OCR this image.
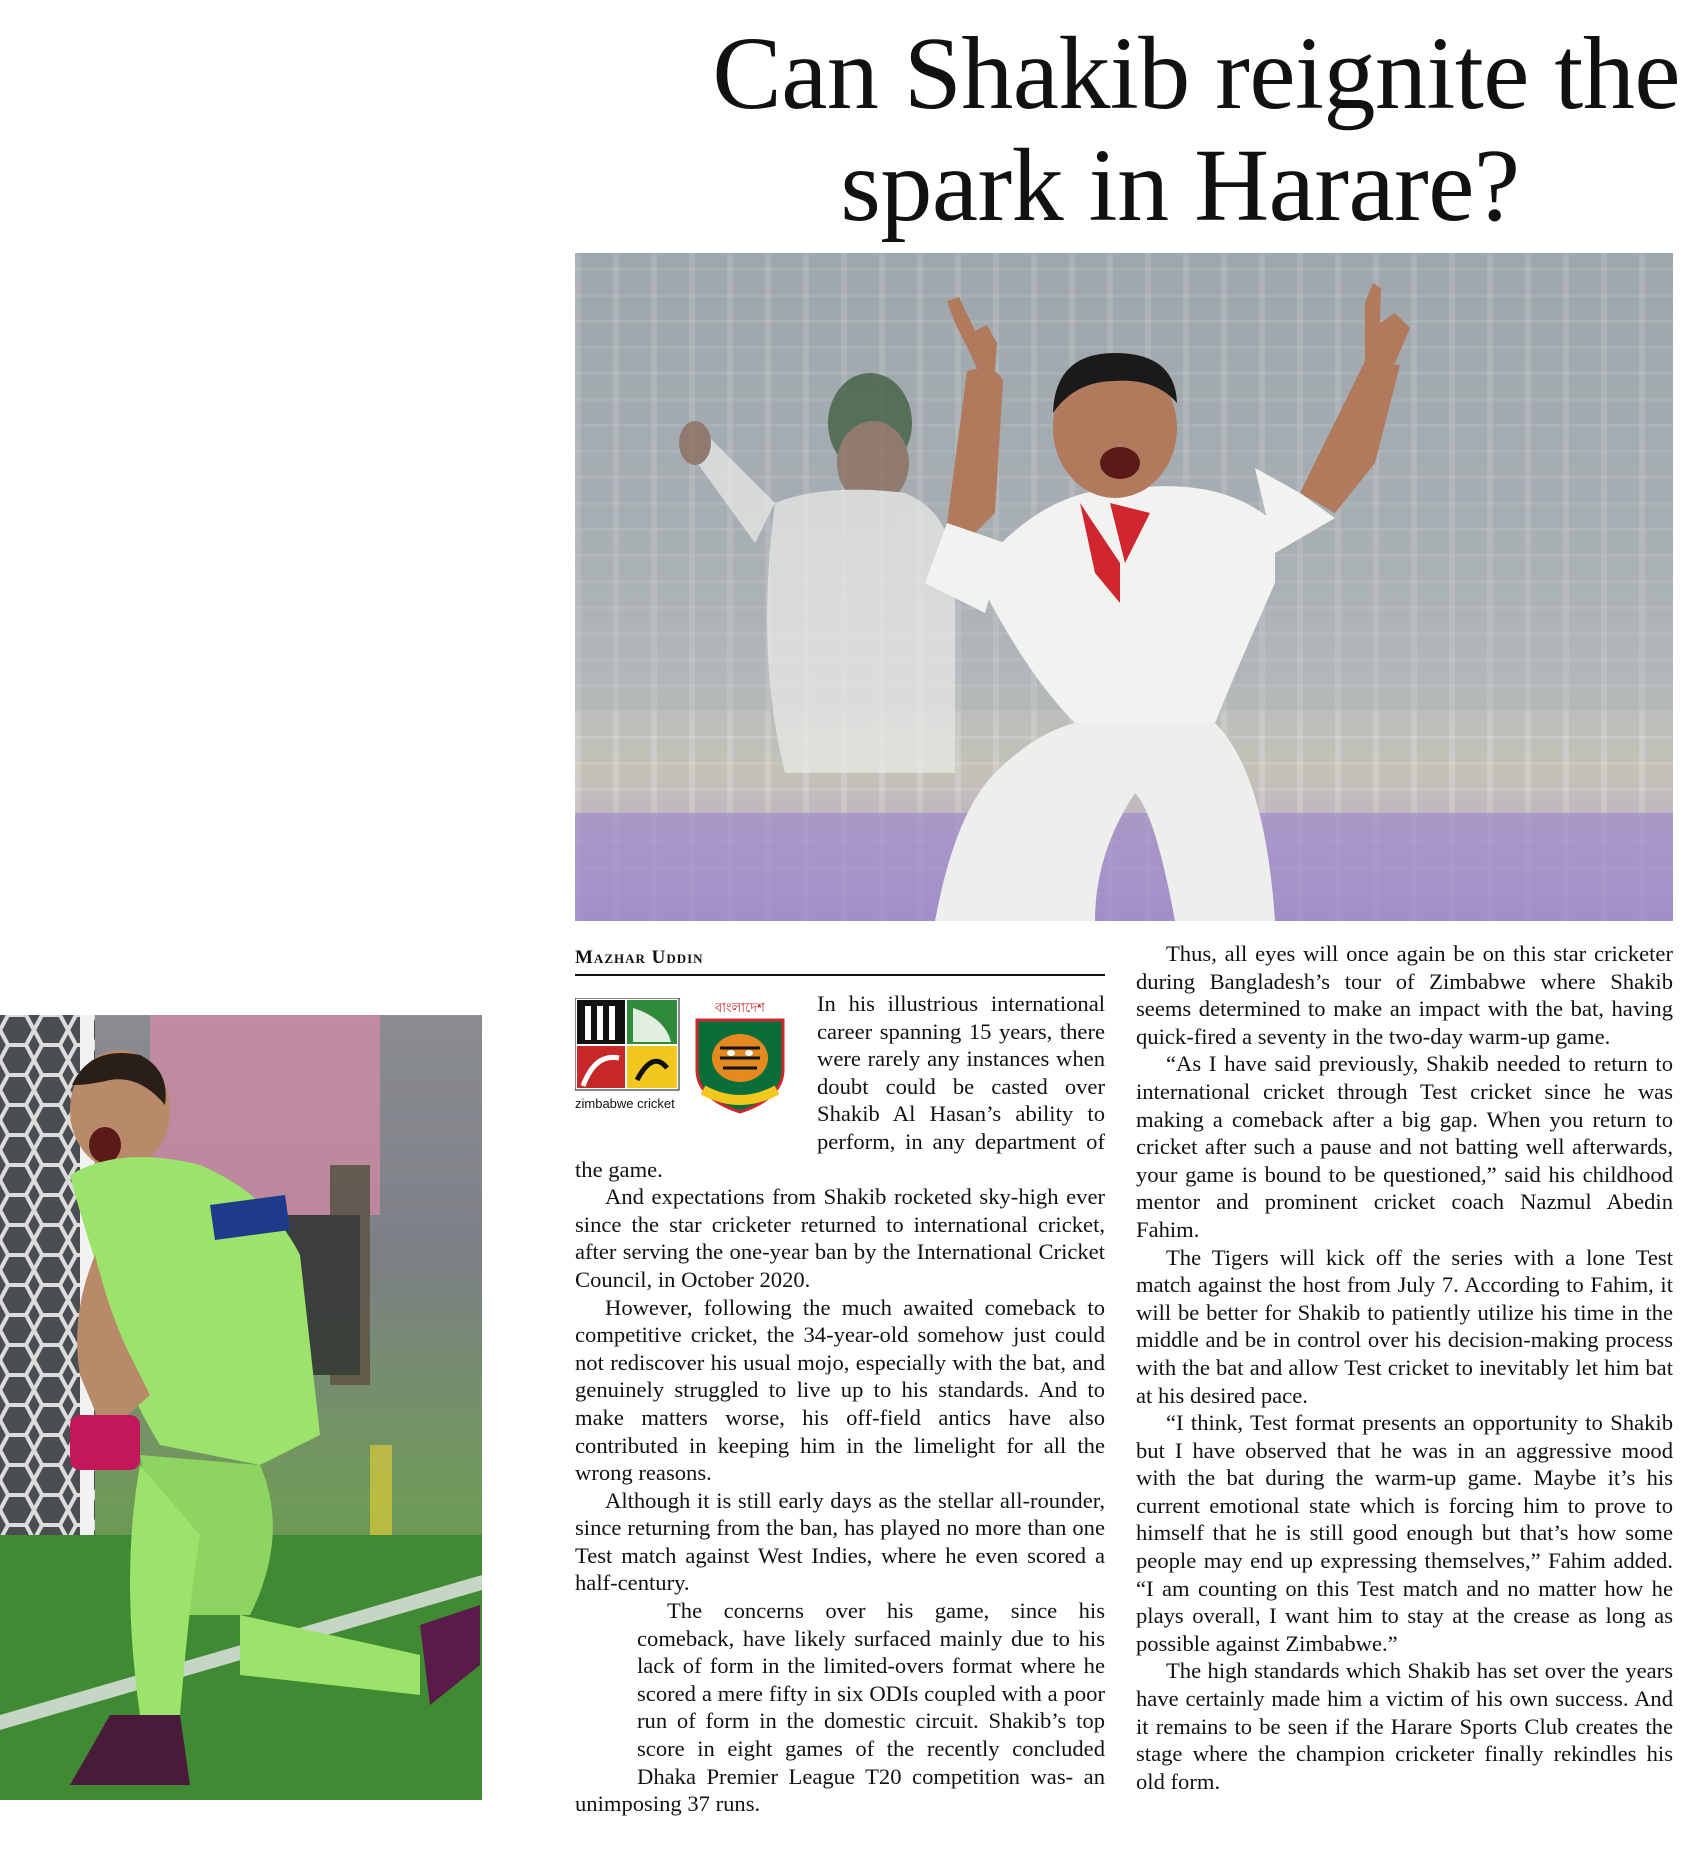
Can Shakib reignite the
spark in Harare?
Mazhar Uddin
zimbabwe cricket
বাংলাদেশ	In his illustrious international career spanning 15 years, there were rarely any instances when doubt could be casted over Shakib Al Hasan’s ability to perform, in any department of the game.

And expectations from Shakib rocketed sky-high ever since the star cricketer returned to international cricket, after serving the one-year ban by the International Cricket Council, in October 2020.

However, following the much awaited comeback to competitive cricket, the 34-year-old somehow just could not rediscover his usual mojo, especially with the bat, and genuinely struggled to live up to his standards. And to make matters worse, his off-field antics have also contributed in keeping him in the limelight for all the wrong reasons.

Although it is still early days as the stellar all-rounder, since returning from the ban, has played no more than one Test match against West Indies, where he even scored a half-century.

The concerns over his game, since his comeback, have likely surfaced mainly due to his lack of form in the limited-overs format where he scored a mere fifty in six ODIs coupled with a poor run of form in the domestic circuit. Shakib’s top score in eight games of the recently concluded Dhaka Premier League T20 competition was- an unimposing 37 runs.

Thus, all eyes will once again be on this star cricketer during Bangladesh’s tour of Zimbabwe where Shakib seems determined to make an impact with the bat, having quick-fired a seventy in the two-day warm-up game.

“As I have said previously, Shakib needed to return to international cricket through Test cricket since he was making a comeback after a big gap. When you return to cricket after such a pause and not batting well afterwards, your game is bound to be questioned,” said his childhood mentor and prominent cricket coach Nazmul Abedin Fahim.

The Tigers will kick off the series with a lone Test match against the host from July 7. According to Fahim, it will be better for Shakib to patiently utilize his time in the middle and be in control over his decision-making process with the bat and allow Test cricket to inevitably let him bat at his desired pace.

“I think, Test format presents an opportunity to Shakib but I have observed that he was in an aggressive mood with the bat during the warm-up game. Maybe it’s his current emotional state which is forcing him to prove to himself that he is still good enough but that’s how some people may end up expressing themselves,” Fahim added. “I am counting on this Test match and no matter how he plays overall, I want him to stay at the crease as long as possible against Zimbabwe.”

The high standards which Shakib has set over the years have certainly made him a victim of his own success. And it remains to be seen if the Harare Sports Club creates the stage where the champion cricketer finally rekindles his old form.
